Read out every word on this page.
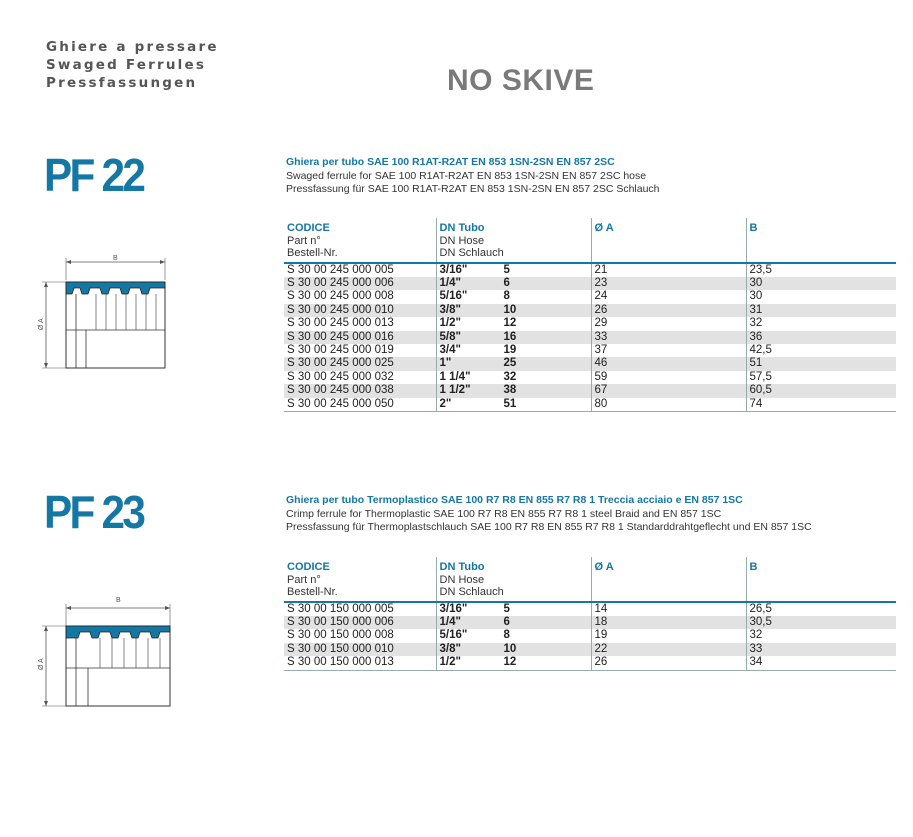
Ghiere a pressare
Swaged Ferrules
Pressfassungen	NO SKIVE
PF 22	Ghiera per tubo SAE 100 R1AT-R2AT EN 853 1SN-2SN EN 857 2SC
Swaged ferrule for SAE 100 R1AT-R2AT EN 853 1SN-2SN EN 857 2SC hose
Pressfassung für SAE 100 R1AT-R2AT EN 853 1SN-2SN EN 857 2SC Schlauch
B
Ø A
CODICE
Part n°
Bestell-Nr.	DN Tubo
DN Hose
DN Schlauch	Ø A	B

S 30 00 245 000 005	3/16" 5	21	23,5
S 30 00 245 000 006	1/4" 6	23	30
S 30 00 245 000 008	5/16" 8	24	30
S 30 00 245 000 010	3/8" 10	26	31
S 30 00 245 000 013	1/2" 12	29	32
S 30 00 245 000 016	5/8" 16	33	36
S 30 00 245 000 019	3/4" 19	37	42,5
S 30 00 245 000 025	1" 25	46	51
S 30 00 245 000 032	1 1/4" 32	59	57,5
S 30 00 245 000 038	1 1/2" 38	67	60,5
S 30 00 245 000 050	2" 51	80	74
PF 23	Ghiera per tubo Termoplastico SAE 100 R7 R8 EN 855 R7 R8 1 Treccia acciaio e EN 857 1SC
Crimp ferrule for Thermoplastic SAE 100 R7 R8 EN 855 R7 R8 1 steel Braid and EN 857 1SC
Pressfassung für Thermoplastschlauch SAE 100 R7 R8 EN 855 R7 R8 1 Standarddrahtgeflecht und EN 857 1SC
B
Ø A
CODICE
Part n°
Bestell-Nr.	DN Tubo
DN Hose
DN Schlauch	Ø A	B

S 30 00 150 000 005	3/16" 5	14	26,5
S 30 00 150 000 006	1/4" 6	18	30,5
S 30 00 150 000 008	5/16" 8	19	32
S 30 00 150 000 010	3/8" 10	22	33
S 30 00 150 000 013	1/2" 12	26	34
